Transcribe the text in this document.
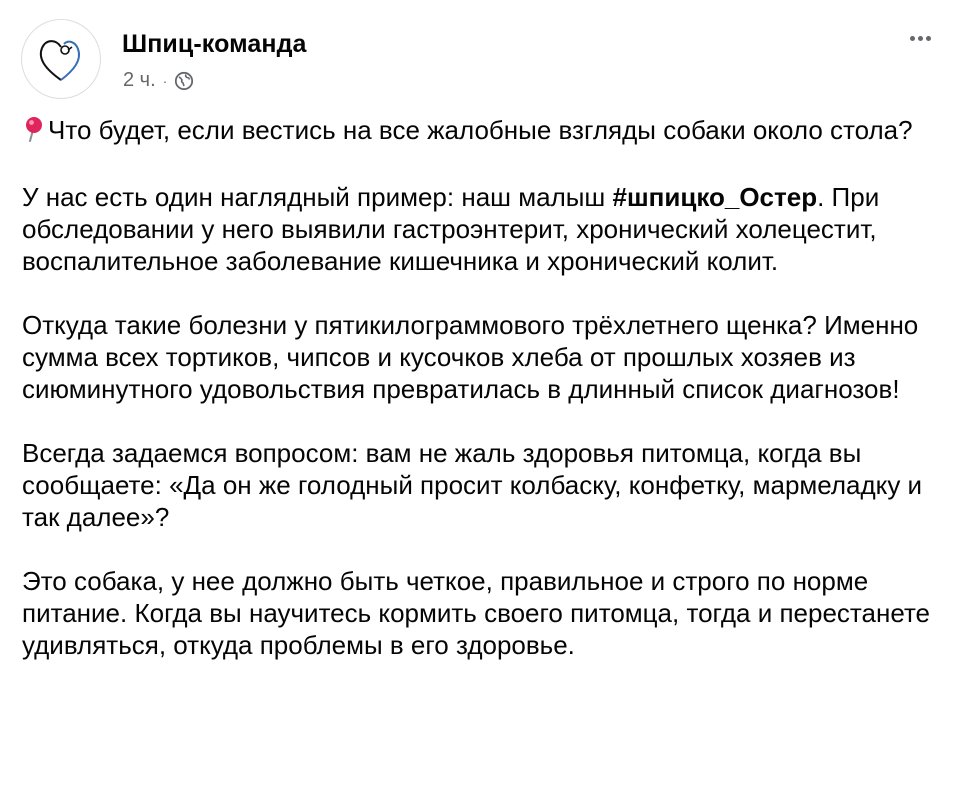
Шпиц-команда
2 ч. ·

Что будет, если вестись на все жалобные взгляды собаки около стола?

У нас есть один наглядный пример: наш малыш #шпицко_Остер. При обследовании у него выявили гастроэнтерит, хронический холецестит, воспалительное заболевание кишечника и хронический колит.

Откуда такие болезни у пятикилограммового трёхлетнего щенка? Именно сумма всех тортиков, чипсов и кусочков хлеба от прошлых хозяев из сиюминутного удовольствия превратилась в длинный список диагнозов!

Всегда задаемся вопросом: вам не жаль здоровья питомца, когда вы сообщаете: «Да он же голодный просит колбаску, конфетку, мармеладку и так далее»?

Это собака, у нее должно быть четкое, правильное и строго по норме питание. Когда вы научитесь кормить своего питомца, тогда и перестанете удивляться, откуда проблемы в его здоровье.
